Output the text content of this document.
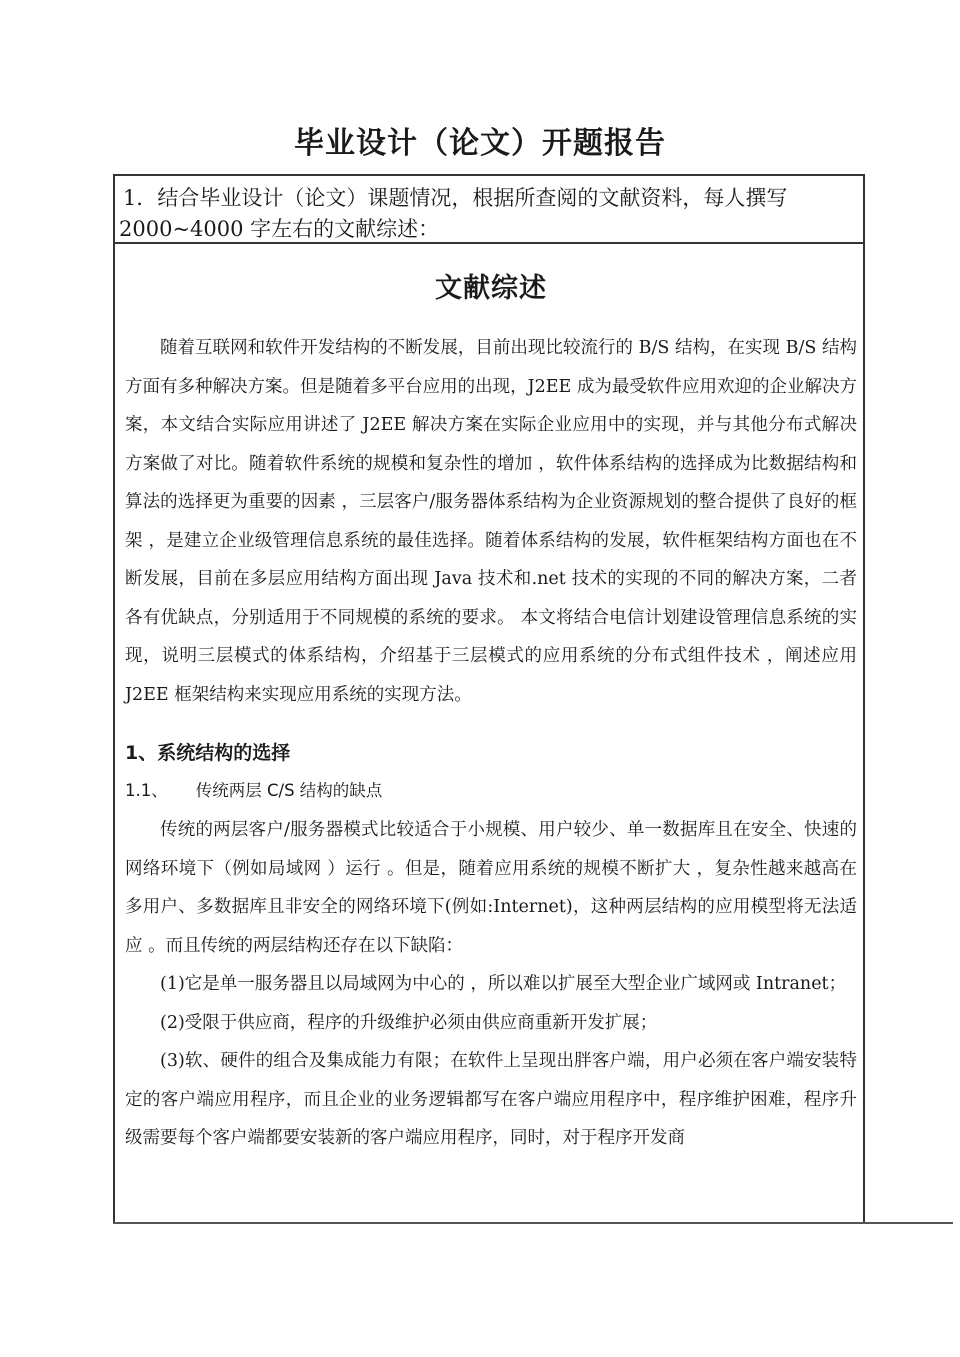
毕业设计（论文）开题报告

1．结合毕业设计（论文）课题情况，根据所查阅的文献资料，每人撰写

2000~4000 字左右的文献综述：

文献综述

随着互联网和软件开发结构的不断发展，目前出现比较流行的 B/S 结构，在实现 B/S 结构方面有多种解决方案。但是随着多平台应用的出现，J2EE 成为最受软件应用欢迎的企业解决方案，本文结合实际应用讲述了 J2EE 解决方案在实际企业应用中的实现，并与其他分布式解决方案做了对比。随着软件系统的规模和复杂性的增加 ，软件体系结构的选择成为比数据结构和算法的选择更为重要的因素 ，三层客户/服务器体系结构为企业资源规划的整合提供了良好的框架 ，是建立企业级管理信息系统的最佳选择。随着体系结构的发展，软件框架结构方面也在不断发展，目前在多层应用结构方面出现 Java 技术和.net 技术的实现的不同的解决方案，二者各有优缺点，分别适用于不同规模的系统的要求。 本文将结合电信计划建设管理信息系统的实现，说明三层模式的体系结构，介绍基于三层模式的应用系统的分布式组件技术 ，阐述应用 J2EE 框架结构来实现应用系统的实现方法。

1、系统结构的选择
1.1、 传统两层 C/S 结构的缺点

传统的两层客户/服务器模式比较适合于小规模、用户较少、单一数据库且在安全、快速的网络环境下（例如局域网 ）运行 。但是，随着应用系统的规模不断扩大 ，复杂性越来越高在多用户、多数据库且非安全的网络环境下(例如:Internet)，这种两层结构的应用模型将无法适应 。而且传统的两层结构还存在以下缺陷：

(1)它是单一服务器且以局域网为中心的 ，所以难以扩展至大型企业广域网或 Intranet；

(2)受限于供应商，程序的升级维护必须由供应商重新开发扩展；

(3)软、硬件的组合及集成能力有限；在软件上呈现出胖客户端，用户必须在客户端安装特定的客户端应用程序，而且企业的业务逻辑都写在客户端应用程序中，程序维护困难，程序升级需要每个客户端都要安装新的客户端应用程序，同时，对于程序开发商
